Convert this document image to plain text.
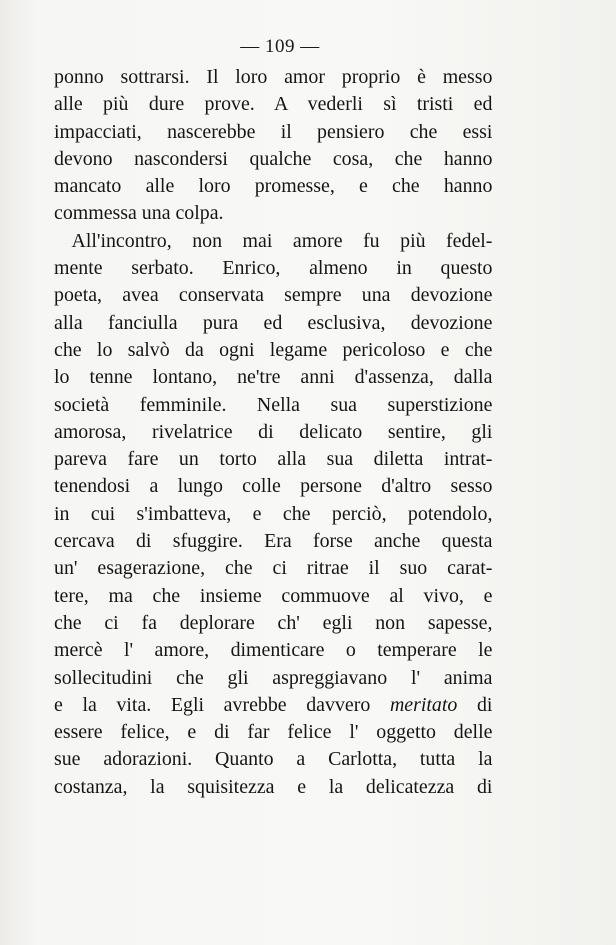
— 109 —
ponno sottrarsi. Il loro amor proprio è messo
alle più dure prove. A vederli sì tristi ed
impacciati, nascerebbe il pensiero che essi
devono nascondersi qualche cosa, che hanno
mancato alle loro promesse, e che hanno
commessa una colpa.
All'incontro, non mai amore fu più fedel-
mente serbato. Enrico, almeno in questo
poeta, avea conservata sempre una devozione
alla fanciulla pura ed esclusiva, devozione
che lo salvò da ogni legame pericoloso e che
lo tenne lontano, ne'tre anni d'assenza, dalla
società femminile. Nella sua superstizione
amorosa, rivelatrice di delicato sentire, gli
pareva fare un torto alla sua diletta intrat-
tenendosi a lungo colle persone d'altro sesso
in cui s'imbatteva, e che perciò, potendolo,
cercava di sfuggire. Era forse anche questa
un' esagerazione, che ci ritrae il suo carat-
tere, ma che insieme commuove al vivo, e
che ci fa deplorare ch' egli non sapesse,
mercè l' amore, dimenticare o temperare le
sollecitudini che gli aspreggiavano l' anima
e la vita. Egli avrebbe davvero meritato di
essere felice, e di far felice l' oggetto delle
sue adorazioni. Quanto a Carlotta, tutta la
costanza, la squisitezza e la delicatezza di
